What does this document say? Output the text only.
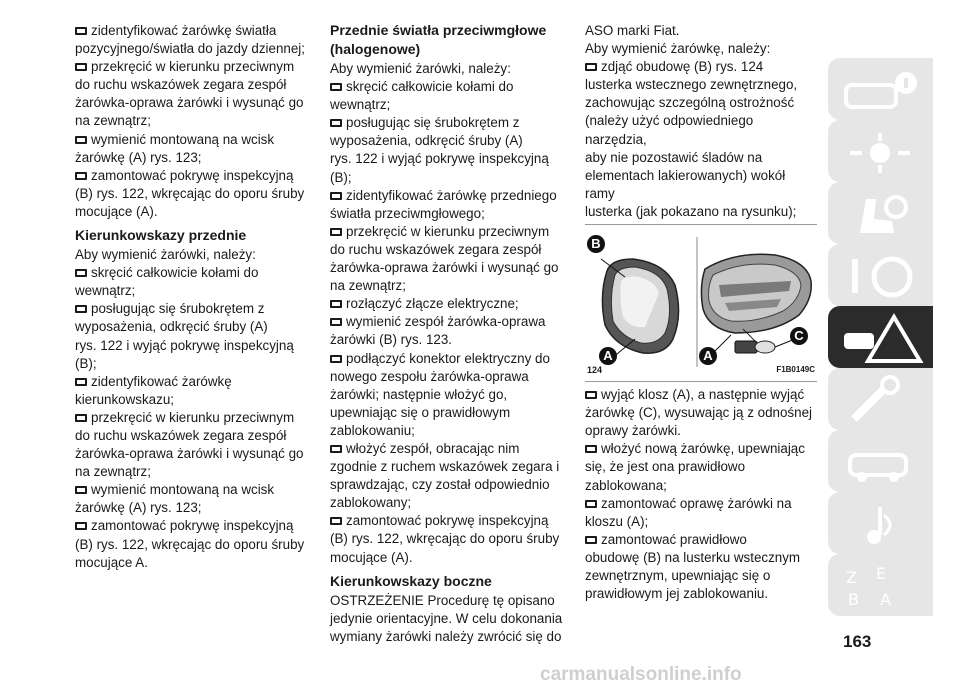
zidentyfikować żarówkę światła
pozycyjnego/światła do jazdy dziennej;
przekręcić w kierunku przeciwnym
do ruchu wskazówek zegara zespół
żarówka-oprawa żarówki i wysunąć go
na zewnątrz;
wymienić montowaną na wcisk
żarówkę (A) rys. 123;
zamontować pokrywę inspekcyjną
(B) rys. 122, wkręcając do oporu śruby
mocujące (A).
Kierunkowskazy przednie
Aby wymienić żarówki, należy:
skręcić całkowicie kołami do
wewnątrz;
posługując się śrubokrętem z
wyposażenia, odkręcić śruby (A)
rys. 122 i wyjąć pokrywę inspekcyjną
(B);
zidentyfikować żarówkę
kierunkowskazu;
przekręcić w kierunku przeciwnym
do ruchu wskazówek zegara zespół
żarówka-oprawa żarówki i wysunąć go
na zewnątrz;
wymienić montowaną na wcisk
żarówkę (A) rys. 123;
zamontować pokrywę inspekcyjną
(B) rys. 122, wkręcając do oporu śruby
mocujące A.
Przednie światła przeciwmgłowe
(halogenowe)
Aby wymienić żarówki, należy:
skręcić całkowicie kołami do
wewnątrz;
posługując się śrubokrętem z
wyposażenia, odkręcić śruby (A)
rys. 122 i wyjąć pokrywę inspekcyjną
(B);
zidentyfikować żarówkę przedniego
światła przeciwmgłowego;
przekręcić w kierunku przeciwnym
do ruchu wskazówek zegara zespół
żarówka-oprawa żarówki i wysunąć go
na zewnątrz;
rozłączyć złącze elektryczne;
wymienić zespół żarówka-oprawa
żarówki (B) rys. 123.
podłączyć konektor elektryczny do
nowego zespołu żarówka-oprawa
żarówki; następnie włożyć go,
upewniając się o prawidłowym
zablokowaniu;
włożyć zespół, obracając nim
zgodnie z ruchem wskazówek zegara i
sprawdzając, czy został odpowiednio
zablokowany;
zamontować pokrywę inspekcyjną
(B) rys. 122, wkręcając do oporu śruby
mocujące (A).
Kierunkowskazy boczne
OSTRZEŻENIE Procedurę tę opisano
jedynie orientacyjne. W celu dokonania
wymiany żarówki należy zwrócić się do
ASO marki Fiat.
Aby wymienić żarówkę, należy:
zdjąć obudowę (B) rys. 124
lusterka wstecznego zewnętrznego,
zachowując szczególną ostrożność
(należy użyć odpowiedniego narzędzia,
aby nie pozostawić śladów na
elementach lakierowanych) wokół ramy
lusterka (jak pokazano na rysunku);
B
A	A
C
124	F1B0149C
wyjąć klosz (A), a następnie wyjąć
żarówkę (C), wysuwając ją z odnośnej
oprawy żarówki.
włożyć nową żarówkę, upewniając
się, że jest ona prawidłowo
zablokowana;
zamontować oprawę żarówki na
kloszu (A);
zamontować prawidłowo
obudowę (B) na lusterku wstecznym
zewnętrznym, upewniając się o
prawidłowym jej zablokowaniu.
Z E
B A
163
carmanualsonline.info
